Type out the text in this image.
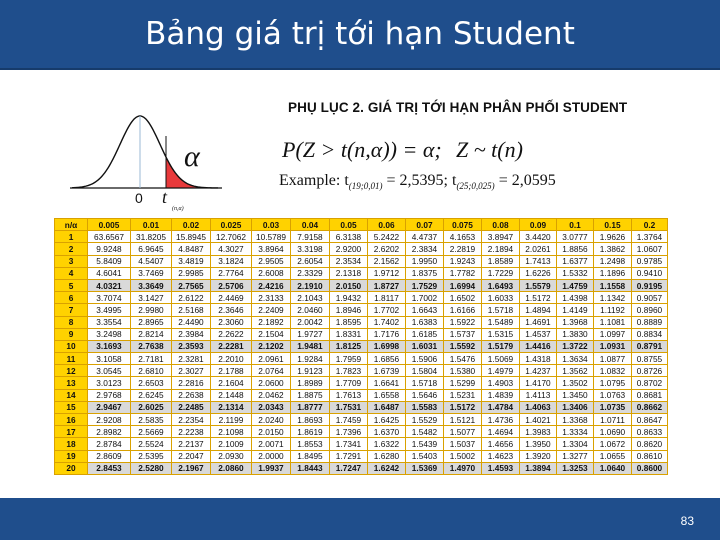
Bảng giá trị tới hạn Student
α
0 t
(n,α)
PHỤ LỤC 2. GIÁ TRỊ TỚI HẠN PHÂN PHỐI STUDENT
P(Z > t(n,α)) = α; Z ~ t(n)
Example: $t_{(19;0,01)} = 2,5395$; $t_{(25;0,025)} = 2,0595$
n/α	0.005	0.01	0.02	0.025	0.03	0.04	0.05	0.06	0.07	0.075	0.08	0.09	0.1	0.15	0.2
1	63.6567	31.8205	15.8945	12.7062	10.5789	7.9158	6.3138	5.2422	4.4737	4.1653	3.8947	3.4420	3.0777	1.9626	1.3764
2	9.9248	6.9645	4.8487	4.3027	3.8964	3.3198	2.9200	2.6202	2.3834	2.2819	2.1894	2.0261	1.8856	1.3862	1.0607
3	5.8409	4.5407	3.4819	3.1824	2.9505	2.6054	2.3534	2.1562	1.9950	1.9243	1.8589	1.7413	1.6377	1.2498	0.9785
4	4.6041	3.7469	2.9985	2.7764	2.6008	2.3329	2.1318	1.9712	1.8375	1.7782	1.7229	1.6226	1.5332	1.1896	0.9410
5	4.0321	3.3649	2.7565	2.5706	2.4216	2.1910	2.0150	1.8727	1.7529	1.6994	1.6493	1.5579	1.4759	1.1558	0.9195
6	3.7074	3.1427	2.6122	2.4469	2.3133	2.1043	1.9432	1.8117	1.7002	1.6502	1.6033	1.5172	1.4398	1.1342	0.9057
7	3.4995	2.9980	2.5168	2.3646	2.2409	2.0460	1.8946	1.7702	1.6643	1.6166	1.5718	1.4894	1.4149	1.1192	0.8960
8	3.3554	2.8965	2.4490	2.3060	2.1892	2.0042	1.8595	1.7402	1.6383	1.5922	1.5489	1.4691	1.3968	1.1081	0.8889
9	3.2498	2.8214	2.3984	2.2622	2.1504	1.9727	1.8331	1.7176	1.6185	1.5737	1.5315	1.4537	1.3830	1.0997	0.8834
10	3.1693	2.7638	2.3593	2.2281	2.1202	1.9481	1.8125	1.6998	1.6031	1.5592	1.5179	1.4416	1.3722	1.0931	0.8791
11	3.1058	2.7181	2.3281	2.2010	2.0961	1.9284	1.7959	1.6856	1.5906	1.5476	1.5069	1.4318	1.3634	1.0877	0.8755
12	3.0545	2.6810	2.3027	2.1788	2.0764	1.9123	1.7823	1.6739	1.5804	1.5380	1.4979	1.4237	1.3562	1.0832	0.8726
13	3.0123	2.6503	2.2816	2.1604	2.0600	1.8989	1.7709	1.6641	1.5718	1.5299	1.4903	1.4170	1.3502	1.0795	0.8702
14	2.9768	2.6245	2.2638	2.1448	2.0462	1.8875	1.7613	1.6558	1.5646	1.5231	1.4839	1.4113	1.3450	1.0763	0.8681
15	2.9467	2.6025	2.2485	2.1314	2.0343	1.8777	1.7531	1.6487	1.5583	1.5172	1.4784	1.4063	1.3406	1.0735	0.8662
16	2.9208	2.5835	2.2354	2.1199	2.0240	1.8693	1.7459	1.6425	1.5529	1.5121	1.4736	1.4021	1.3368	1.0711	0.8647
17	2.8982	2.5669	2.2238	2.1098	2.0150	1.8619	1.7396	1.6370	1.5482	1.5077	1.4694	1.3983	1.3334	1.0690	0.8633
18	2.8784	2.5524	2.2137	2.1009	2.0071	1.8553	1.7341	1.6322	1.5439	1.5037	1.4656	1.3950	1.3304	1.0672	0.8620
19	2.8609	2.5395	2.2047	2.0930	2.0000	1.8495	1.7291	1.6280	1.5403	1.5002	1.4623	1.3920	1.3277	1.0655	0.8610
20	2.8453	2.5280	2.1967	2.0860	1.9937	1.8443	1.7247	1.6242	1.5369	1.4970	1.4593	1.3894	1.3253	1.0640	0.8600
83
